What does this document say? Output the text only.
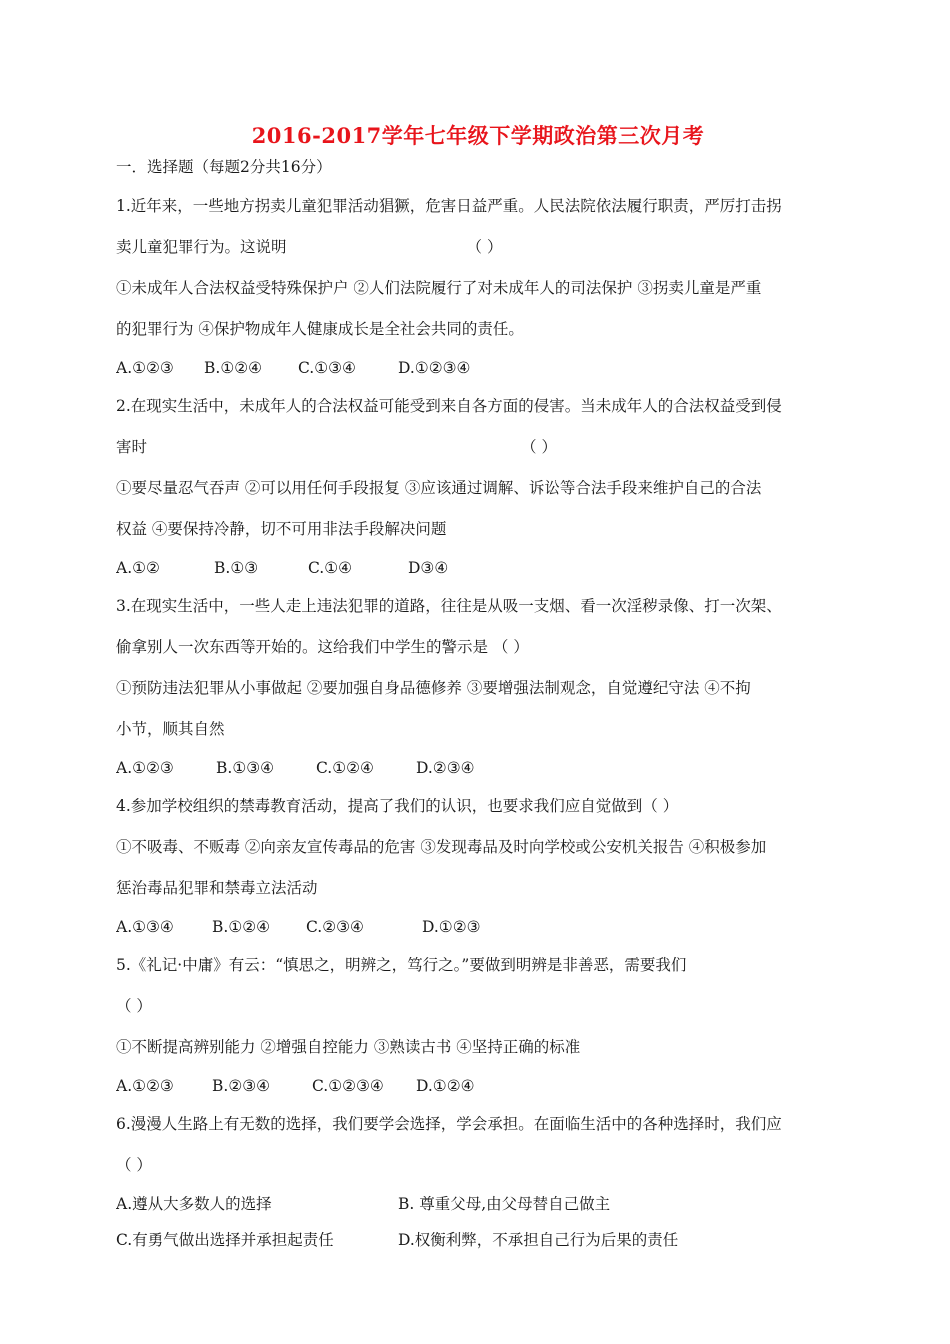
2016-2017学年七年级下学期政治第三次月考
一．选择题（每题2分共16分）
1.近年来，一些地方拐卖儿童犯罪活动猖獗，危害日益严重。人民法院依法履行职责，严厉打击拐
卖儿童犯罪行为。这说明	（ ）
①未成年人合法权益受特殊保护户 ②人们法院履行了对未成年人的司法保护 ③拐卖儿童是严重
的犯罪行为 ④保护物成年人健康成长是全社会共同的责任。
A.①②③ B.①②④ C.①③④	D.①②③④
2.在现实生活中，未成年人的合法权益可能受到来自各方面的侵害。当未成年人的合法权益受到侵
害时	（ ）
①要尽量忍气吞声 ②可以用任何手段报复 ③应该通过调解、诉讼等合法手段来维护自己的合法
权益 ④要保持冷静，切不可用非法手段解决问题
A.①②	B.①③	C.①④	D③④
3.在现实生活中，一些人走上违法犯罪的道路，往往是从吸一支烟、看一次淫秽录像、打一次架、
偷拿别人一次东西等开始的。这给我们中学生的警示是 （ ）
①预防违法犯罪从小事做起 ②要加强自身品德修养 ③要增强法制观念，自觉遵纪守法 ④不拘
小节，顺其自然
A.①②③	B.①③④	C.①②④	D.②③④
4.参加学校组织的禁毒教育活动，提高了我们的认识，也要求我们应自觉做到（ ）
①不吸毒、不贩毒 ②向亲友宣传毒品的危害 ③发现毒品及时向学校或公安机关报告 ④积极参加
惩治毒品犯罪和禁毒立法活动
A.①③④ B.①②④ C.②③④	D.①②③
5.《礼记·中庸》有云：“慎思之，明辨之，笃行之。”要做到明辨是非善恶，需要我们
（ ）
①不断提高辨别能力 ②增强自控能力 ③熟读古书 ④坚持正确的标准
A.①②③ B.②③④	C.①②③④ D.①②④
6.漫漫人生路上有无数的选择，我们要学会选择，学会承担。在面临生活中的各种选择时，我们应
（ ）
A.遵从大多数人的选择	B. 尊重父母,由父母替自己做主
C.有勇气做出选择并承担起责任	D.权衡利弊，不承担自己行为后果的责任
